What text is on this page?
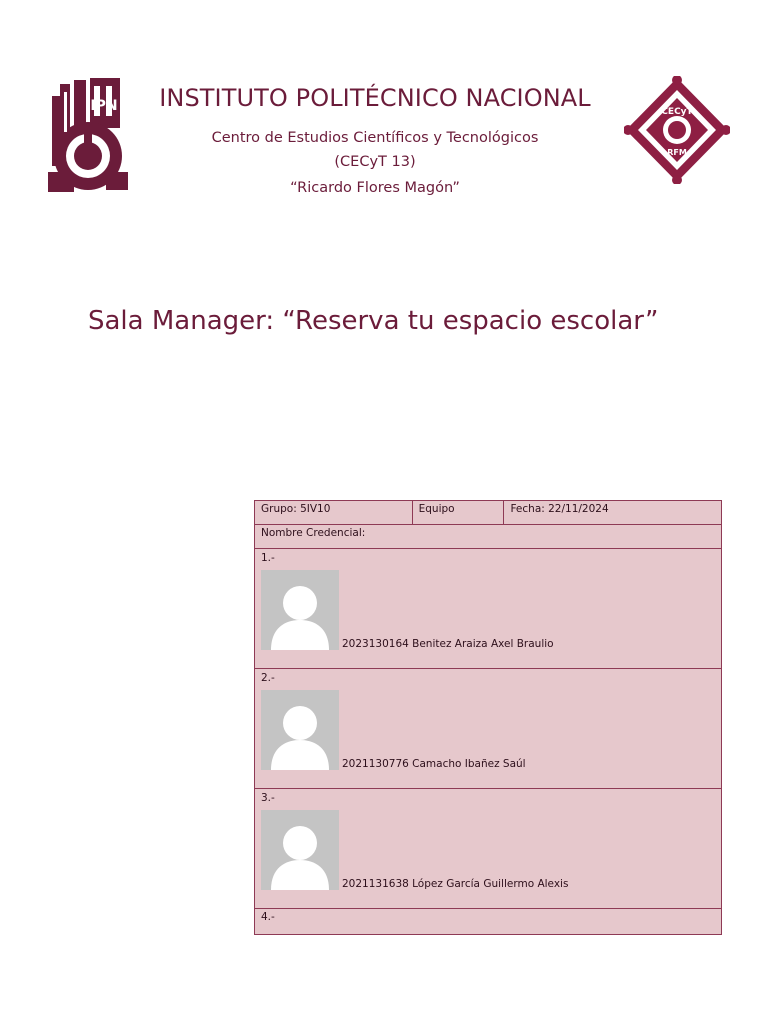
IPN	CECyT
RFM
INSTITUTO POLITÉCNICO NACIONAL
Centro de Estudios Científicos y Tecnológicos
(CECyT 13)
“Ricardo Flores Magón”
Sala Manager: “Reserva tu espacio escolar”
Grupo: 5IV10	Equipo	Fecha: 22/11/2024
Nombre Credencial:

1.-
2023130164 Benitez Araiza Axel Braulio

2.-
2021130776 Camacho Ibañez Saúl

3.-
2021131638 López García Guillermo Alexis

4.-
